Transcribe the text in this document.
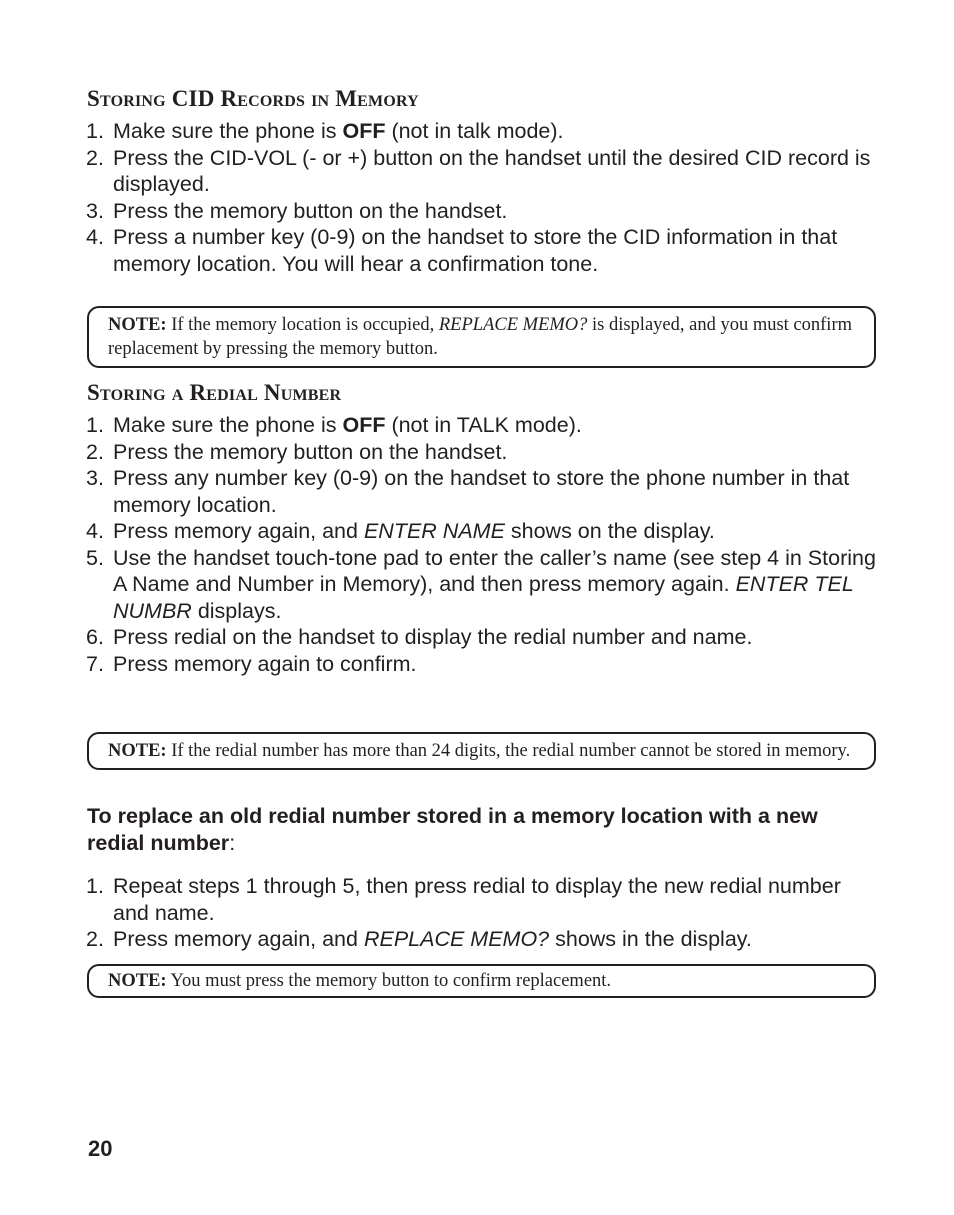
Storing CID Records in Memory
1. Make sure the phone is OFF (not in talk mode).
2. Press the CID-VOL (- or +) button on the handset until the desired CID record is displayed.
3. Press the memory button on the handset.
4. Press a number key (0-9) on the handset to store the CID information in that memory location. You will hear a confirmation tone.
NOTE: If the memory location is occupied, REPLACE MEMO? is displayed, and you must confirm replacement by pressing the memory button.
Storing a Redial Number
1. Make sure the phone is OFF (not in TALK mode).
2. Press the memory button on the handset.
3. Press any number key (0-9) on the handset to store the phone number in that memory location.
4. Press memory again, and ENTER NAME shows on the display.
5. Use the handset touch-tone pad to enter the caller’s name (see step 4 in Storing A Name and Number in Memory), and then press memory again. ENTER TEL NUMBR displays.
6. Press redial on the handset to display the redial number and name.
7. Press memory again to confirm.
NOTE: If the redial number has more than 24 digits, the redial number cannot be stored in memory.

To replace an old redial number stored in a memory location with a new redial number:

1. Repeat steps 1 through 5, then press redial to display the new redial number and name.
2. Press memory again, and REPLACE MEMO? shows in the display.
NOTE: You must press the memory button to confirm replacement.
20
